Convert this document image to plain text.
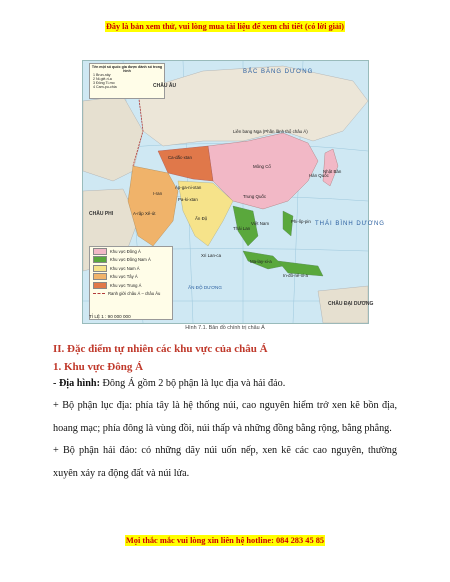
Đây là bản xem thử, vui lòng mua tài liệu để xem chi tiết (có lời giải)
Tên một số quốc gia được đánh số trong hình
1 Brun-nây
2 Ni-giê-ri-a
3 Đông Ti-mo
4 Cam-pu-chia
BẮC BĂNG DƯƠNG
CHÂU ÂU
CHÂU PHI
THÁI BÌNH DƯƠNG
ẤN ĐỘ DƯƠNG
CHÂU ĐẠI DƯƠNG
Liên bang Nga (Phần lãnh thổ châu Á)
Mông Cổ
Trung Quốc
Ấn Độ
Nhật Bản
Ca-dắc-xtan
I-ran
Áp-ga-ni-xtan
Pa-ki-xtan
A-rập Xê-út
Xri Lan-ca
Ma-lay-xi-a
In-đô-nê-xi-a
Phi-líp-pin
Thái Lan
Hàn Quốc
Việt Nam
Khu vực Đông Á
Khu vực Đông Nam Á
Khu vực Nam Á
Khu vực Tây Á
Khu vực Trung Á
Ranh giới châu Á – châu Âu
TỈ LỆ 1 : 90 000 000
Hình 7.1. Bản đồ chính trị châu Á
II. Đặc điểm tự nhiên các khu vực của châu Á
1. Khu vực Đông Á
- Địa hình: Đông Á gồm 2 bộ phận là lục địa và hải đảo.
+ Bộ phận lục địa: phía tây là hệ thống núi, cao nguyên hiểm trở xen kẽ bồn địa, hoang mạc; phía đông là vùng đồi, núi thấp và những đồng bằng rộng, bằng phẳng.
+ Bộ phận hải đảo: có những dãy núi uốn nếp, xen kẽ các cao nguyên, thường xuyên xảy ra động đất và núi lửa.
Mọi thắc mắc vui lòng xin liên hệ hotline: 084 283 45 85
